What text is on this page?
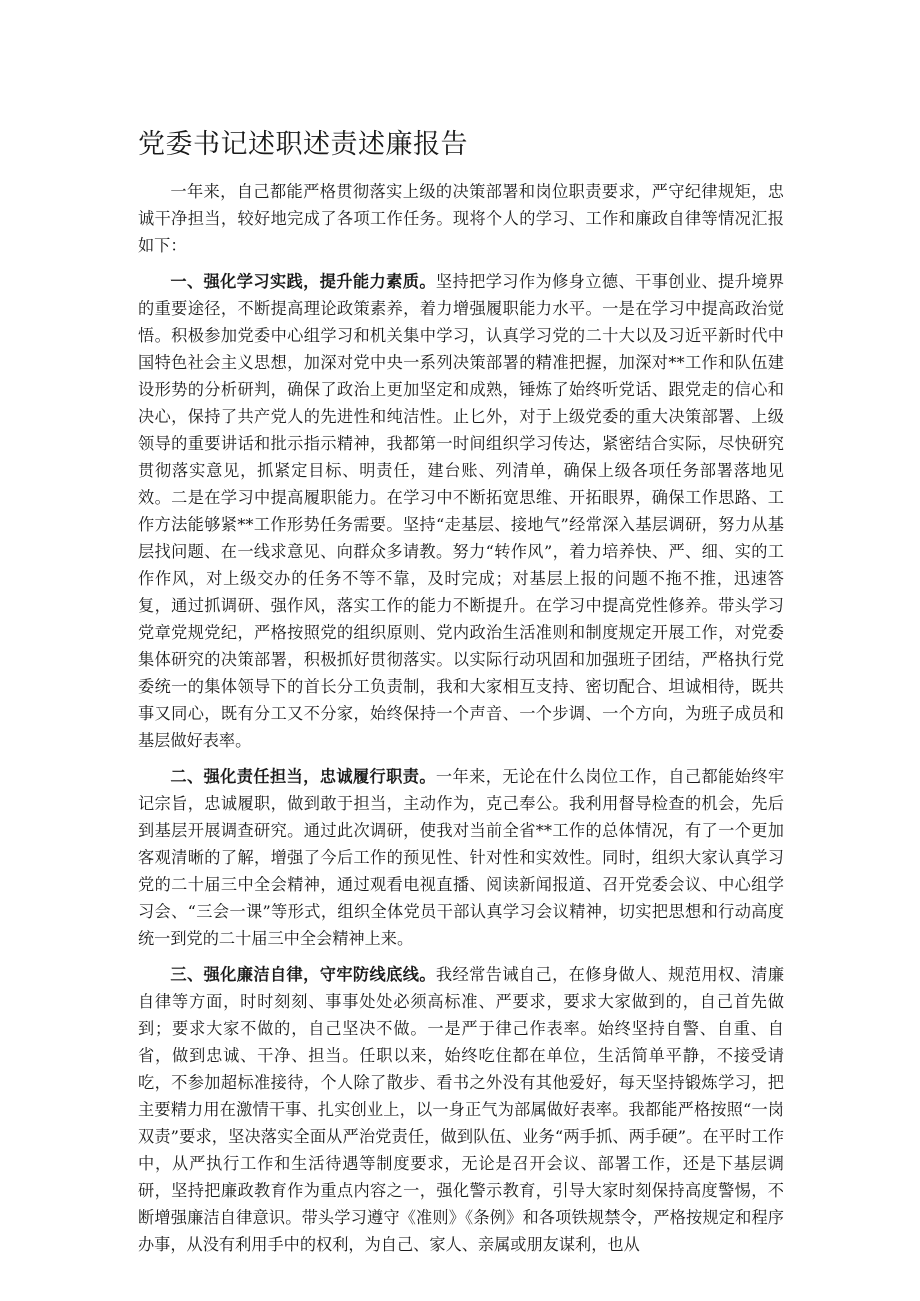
党委书记述职述责述廉报告

一年来，自己都能严格贯彻落实上级的决策部署和岗位职责要求，严守纪律规矩，忠诚干净担当，较好地完成了各项工作任务。现将个人的学习、工作和廉政自律等情况汇报如下：

一、强化学习实践，提升能力素质。坚持把学习作为修身立德、干事创业、提升境界的重要途径，不断提高理论政策素养，着力增强履职能力水平。一是在学习中提高政治觉悟。积极参加党委中心组学习和机关集中学习，认真学习党的二十大以及习近平新时代中国特色社会主义思想，加深对党中央一系列决策部署的精准把握，加深对**工作和队伍建设形势的分析研判，确保了政治上更加坚定和成熟，锤炼了始终听党话、跟党走的信心和决心，保持了共产党人的先进性和纯洁性。止匕外，对于上级党委的重大决策部署、上级领导的重要讲话和批示指示精神，我都第一时间组织学习传达，紧密结合实际，尽快研究贯彻落实意见，抓紧定目标、明责任，建台账、列清单，确保上级各项任务部署落地见效。二是在学习中提高履职能力。在学习中不断拓宽思维、开拓眼界，确保工作思路、工作方法能够紧**工作形势任务需要。坚持“走基层、接地气”经常深入基层调研，努力从基层找问题、在一线求意见、向群众多请教。努力“转作风”，着力培养快、严、细、实的工作作风，对上级交办的任务不等不靠，及时完成；对基层上报的问题不拖不推，迅速答复，通过抓调研、强作风，落实工作的能力不断提升。在学习中提高党性修养。带头学习党章党规党纪，严格按照党的组织原则、党内政治生活准则和制度规定开展工作，对党委集体研究的决策部署，积极抓好贯彻落实。以实际行动巩固和加强班子团结，严格执行党委统一的集体领导下的首长分工负责制，我和大家相互支持、密切配合、坦诚相待，既共事又同心，既有分工又不分家，始终保持一个声音、一个步调、一个方向，为班子成员和基层做好表率。

二、强化责任担当，忠诚履行职责。一年来，无论在什么岗位工作，自己都能始终牢记宗旨，忠诚履职，做到敢于担当，主动作为，克己奉公。我利用督导检查的机会，先后到基层开展调查研究。通过此次调研，使我对当前全省**工作的总体情况，有了一个更加客观清晰的了解，增强了今后工作的预见性、针对性和实效性。同时，组织大家认真学习党的二十届三中全会精神，通过观看电视直播、阅读新闻报道、召开党委会议、中心组学习会、“三会一课”等形式，组织全体党员干部认真学习会议精神，切实把思想和行动高度统一到党的二十届三中全会精神上来。

三、强化廉洁自律，守牢防线底线。我经常告诫自己，在修身做人、规范用权、清廉自律等方面，时时刻刻、事事处处必须高标准、严要求，要求大家做到的，自己首先做到；要求大家不做的，自己坚决不做。一是严于律己作表率。始终坚持自警、自重、自省，做到忠诚、干净、担当。任职以来，始终吃住都在单位，生活简单平静，不接受请吃，不参加超标准接待，个人除了散步、看书之外没有其他爱好，每天坚持锻炼学习，把主要精力用在激情干事、扎实创业上，以一身正气为部属做好表率。我都能严格按照“一岗双责”要求，坚决落实全面从严治党责任，做到队伍、业务“两手抓、两手硬”。在平时工作中，从严执行工作和生活待遇等制度要求，无论是召开会议、部署工作，还是下基层调研，坚持把廉政教育作为重点内容之一，强化警示教育，引导大家时刻保持高度警惕，不断增强廉洁自律意识。带头学习遵守《准则》《条例》和各项铁规禁令，严格按规定和程序办事，从没有利用手中的权利，为自己、家人、亲属或朋友谋利，也从
